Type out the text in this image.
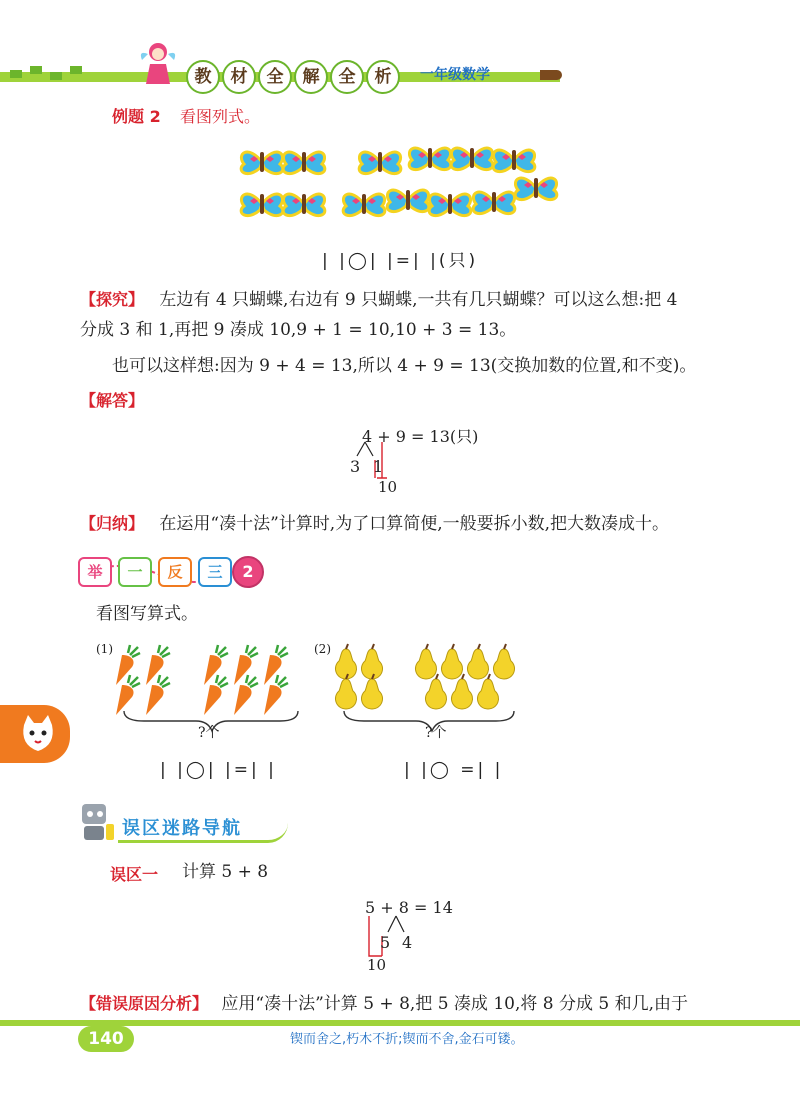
教	材	全	解	全	析	一年级数学
例题 2 看图列式。
| |◯| |=| |(只)
【探究】 左边有 4 只蝴蝶,右边有 9 只蝴蝶,一共有几只蝴蝶？可以这么想:把 4
分成 3 和 1,再把 9 凑成 10,9 + 1 = 10,10 + 3 = 13。
也可以这样想:因为 9 + 4 = 13,所以 4 + 9 = 13(交换加数的位置,和不变)。
【解答】
4 + 9 = 13(只)
3 1
10
【归纳】 在运用“凑十法”计算时,为了口算简便,一般要拆小数,把大数凑成十。
举	一	反	三	2
看图写算式。
(1)
?个
| |◯| |=| |
(2)
?个
| |◯ =| |
误区迷路导航
误区一 计算 5 + 8
5 + 8 = 14
5 4
10
【错误原因分析】 应用“凑十法”计算 5 + 8,把 5 凑成 10,将 8 分成 5 和几,由于
140	锲而舍之,朽木不折;锲而不舍,金石可镂。
